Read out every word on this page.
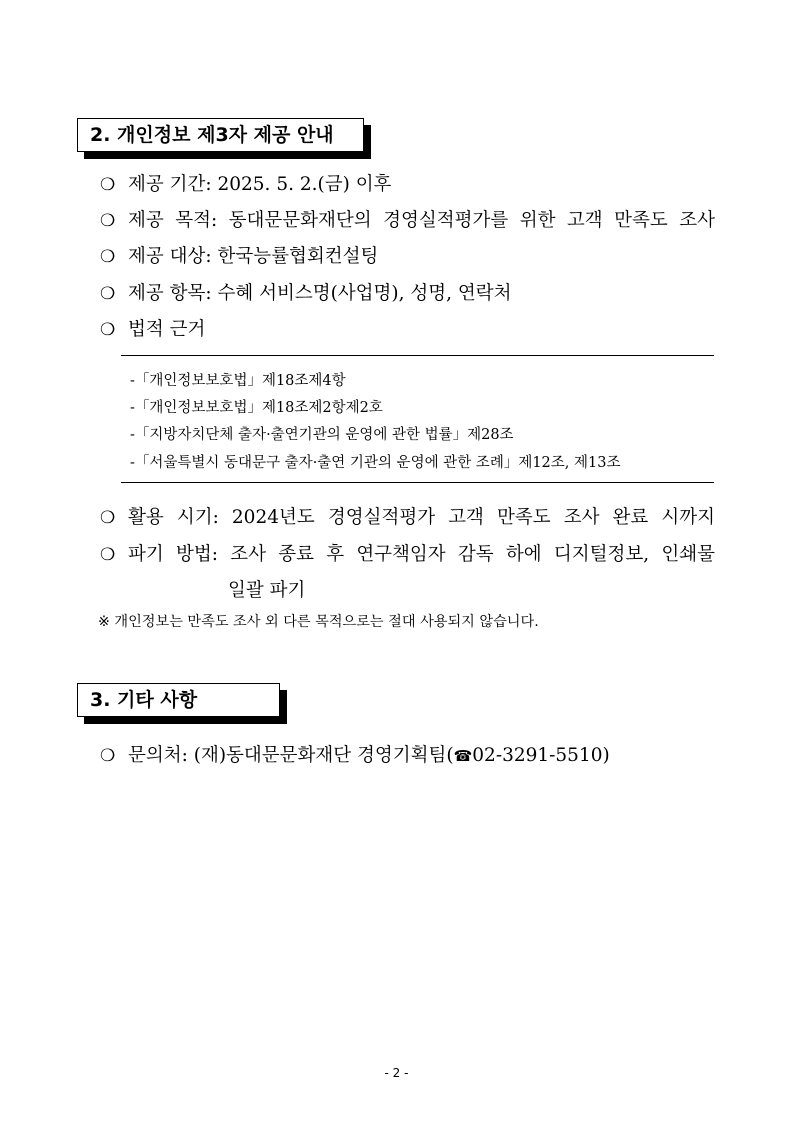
2. 개인정보 제3자 제공 안내
❍ 제공 기간: 2025. 5. 2.(금) 이후
❍ 제공 목적: 동대문문화재단의 경영실적평가를 위한 고객 만족도 조사
❍ 제공 대상: 한국능률협회컨설팅
❍ 제공 항목: 수혜 서비스명(사업명), 성명, 연락처
❍ 법적 근거
-「개인정보보호법」제18조제4항
-「개인정보보호법」제18조제2항제2호
-「지방자치단체 출자·출연기관의 운영에 관한 법률」제28조
-「서울특별시 동대문구 출자·출연 기관의 운영에 관한 조례」제12조, 제13조
❍ 활용 시기: 2024년도 경영실적평가 고객 만족도 조사 완료 시까지
❍ 파기 방법: 조사 종료 후 연구책임자 감독 하에 디지털정보, 인쇄물
일괄 파기
※ 개인정보는 만족도 조사 외 다른 목적으로는 절대 사용되지 않습니다.
3. 기타 사항
❍ 문의처: (재)동대문문화재단 경영기획팀(☎02-3291-5510)
- 2 -
